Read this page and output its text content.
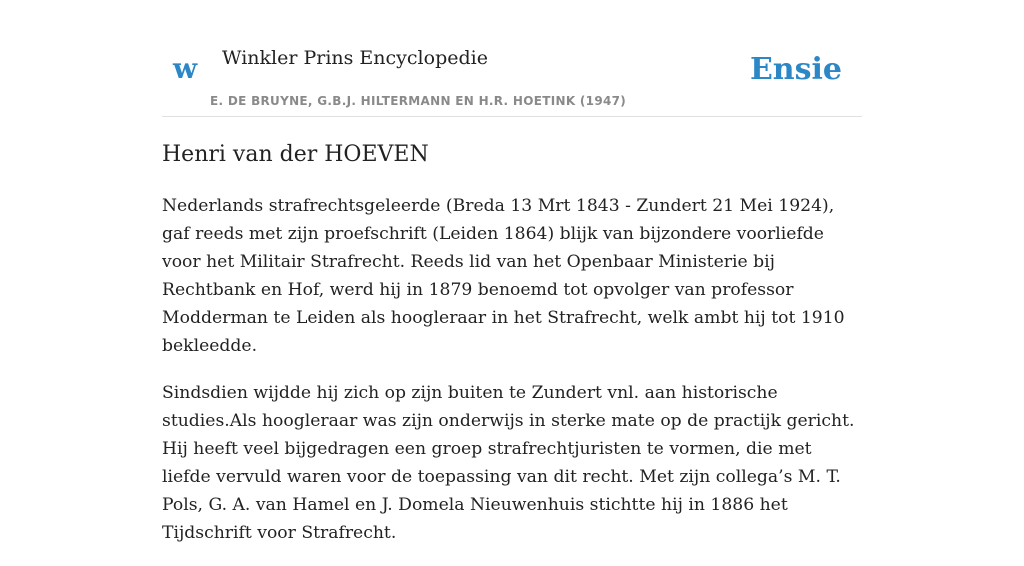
w Winkler Prins Encyclopedie
E. DE BRUYNE, G.B.J. HILTERMANN EN H.R. HOETINK (1947)
Ensie
Henri van der HOEVEN

Nederlands strafrechtsgeleerde (Breda 13 Mrt 1843 - Zundert 21 Mei 1924), gaf reeds met zijn proefschrift (Leiden 1864) blijk van bijzondere voorliefde voor het Militair Strafrecht. Reeds lid van het Openbaar Ministerie bij Rechtbank en Hof, werd hij in 1879 benoemd tot opvolger van professor Modderman te Leiden als hoogleraar in het Strafrecht, welk ambt hij tot 1910 bekleedde.

Sindsdien wijdde hij zich op zijn buiten te Zundert vnl. aan historische studies.Als hoogleraar was zijn onderwijs in sterke mate op de practijk gericht. Hij heeft veel bijgedragen een groep strafrechtjuristen te vormen, die met liefde vervuld waren voor de toepassing van dit recht. Met zijn collega’s M. T. Pols, G. A. van Hamel en J. Domela Nieuwenhuis stichtte hij in 1886 het Tijdschrift voor Strafrecht.
